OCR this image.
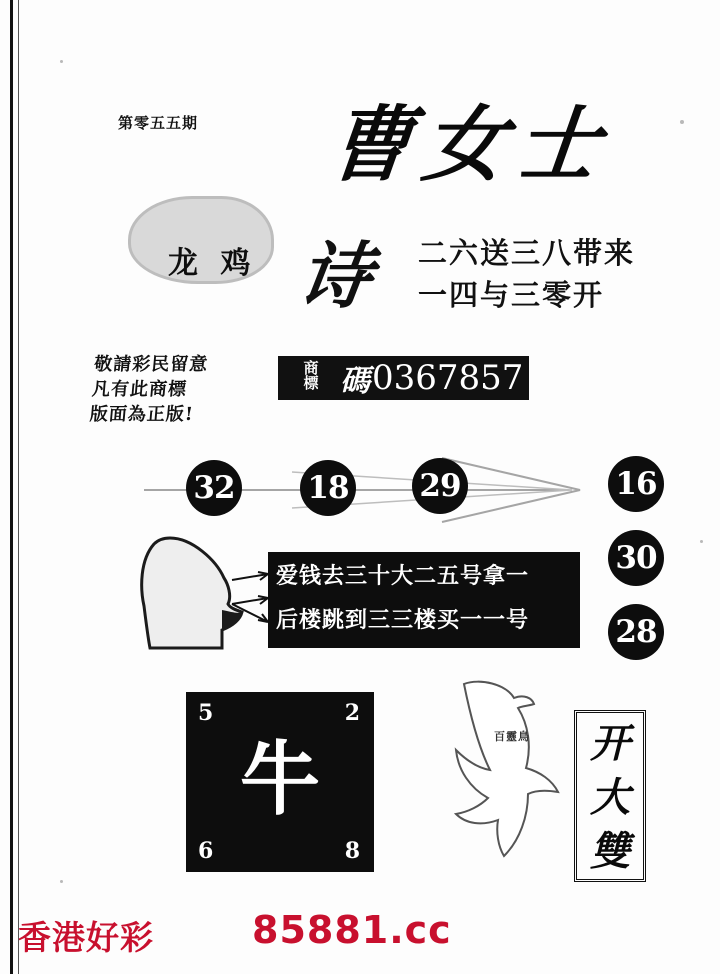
第零五五期 曹女士
龙 鸡 诗 二六送三八带来
一四与三零开
敬請彩民留意
凡有此商標
版面為正版!
商
標 碼 0367857
32 18 29	16
30
28
爱钱去三十大二五号拿一
后楼跳到三三楼买一一号
5	2
牛
6	8
百靈鳥	开
大
雙
香港好彩	85881.cc
